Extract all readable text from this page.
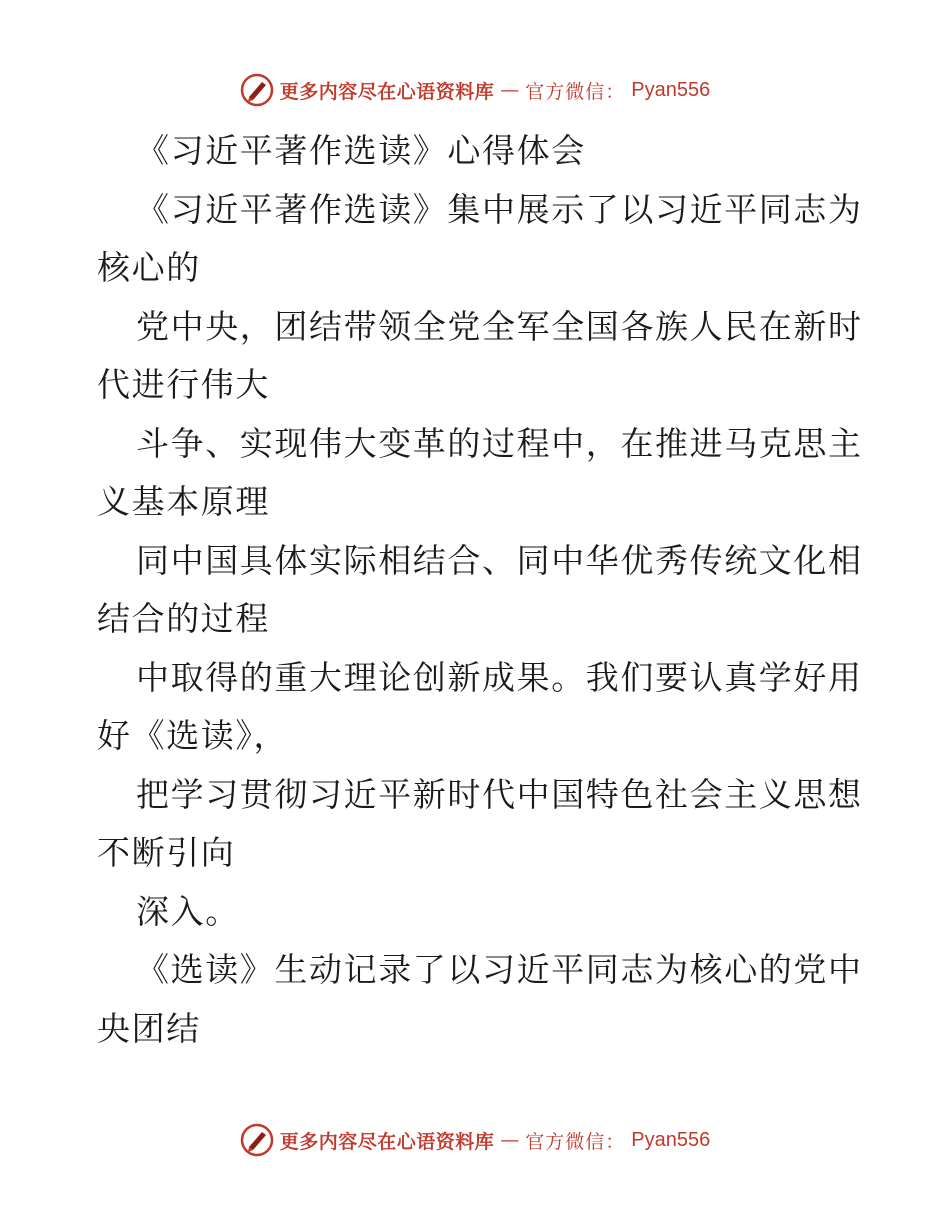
更多内容尽在心语资料库 — 官方微信： Pyan556
《习近平著作选读》心得体会
《习近平著作选读》集中展示了以习近平同志为
核心的
党中央，团结带领全党全军全国各族人民在新时
代进行伟大
斗争、实现伟大变革的过程中，在推进马克思主
义基本原理
同中国具体实际相结合、同中华优秀传统文化相
结合的过程
中取得的重大理论创新成果。我们要认真学好用
好《选读》，
把学习贯彻习近平新时代中国特色社会主义思想
不断引向
深入。
《选读》生动记录了以习近平同志为核心的党中
央团结
更多内容尽在心语资料库 — 官方微信： Pyan556
